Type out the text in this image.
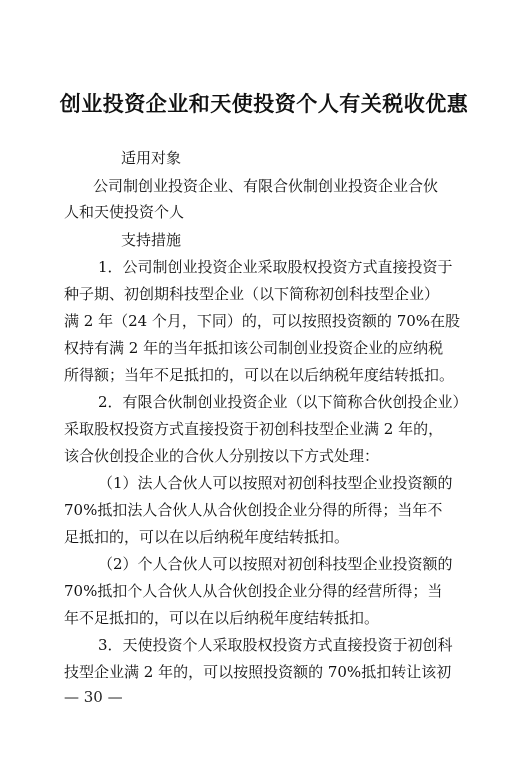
创业投资企业和天使投资个人有关税收优惠
适用对象
公司制创业投资企业、有限合伙制创业投资企业合伙
人和天使投资个人
支持措施
1．公司制创业投资企业采取股权投资方式直接投资于
种子期、初创期科技型企业（以下简称初创科技型企业）
满 2 年（24 个月，下同）的，可以按照投资额的 70%在股
权持有满 2 年的当年抵扣该公司制创业投资企业的应纳税
所得额；当年不足抵扣的，可以在以后纳税年度结转抵扣。
2．有限合伙制创业投资企业（以下简称合伙创投企业）
采取股权投资方式直接投资于初创科技型企业满 2 年的，
该合伙创投企业的合伙人分别按以下方式处理：
（1）法人合伙人可以按照对初创科技型企业投资额的
70%抵扣法人合伙人从合伙创投企业分得的所得；当年不
足抵扣的，可以在以后纳税年度结转抵扣。
（2）个人合伙人可以按照对初创科技型企业投资额的
70%抵扣个人合伙人从合伙创投企业分得的经营所得；当
年不足抵扣的，可以在以后纳税年度结转抵扣。
3．天使投资个人采取股权投资方式直接投资于初创科
技型企业满 2 年的，可以按照投资额的 70%抵扣转让该初
— 30 —
